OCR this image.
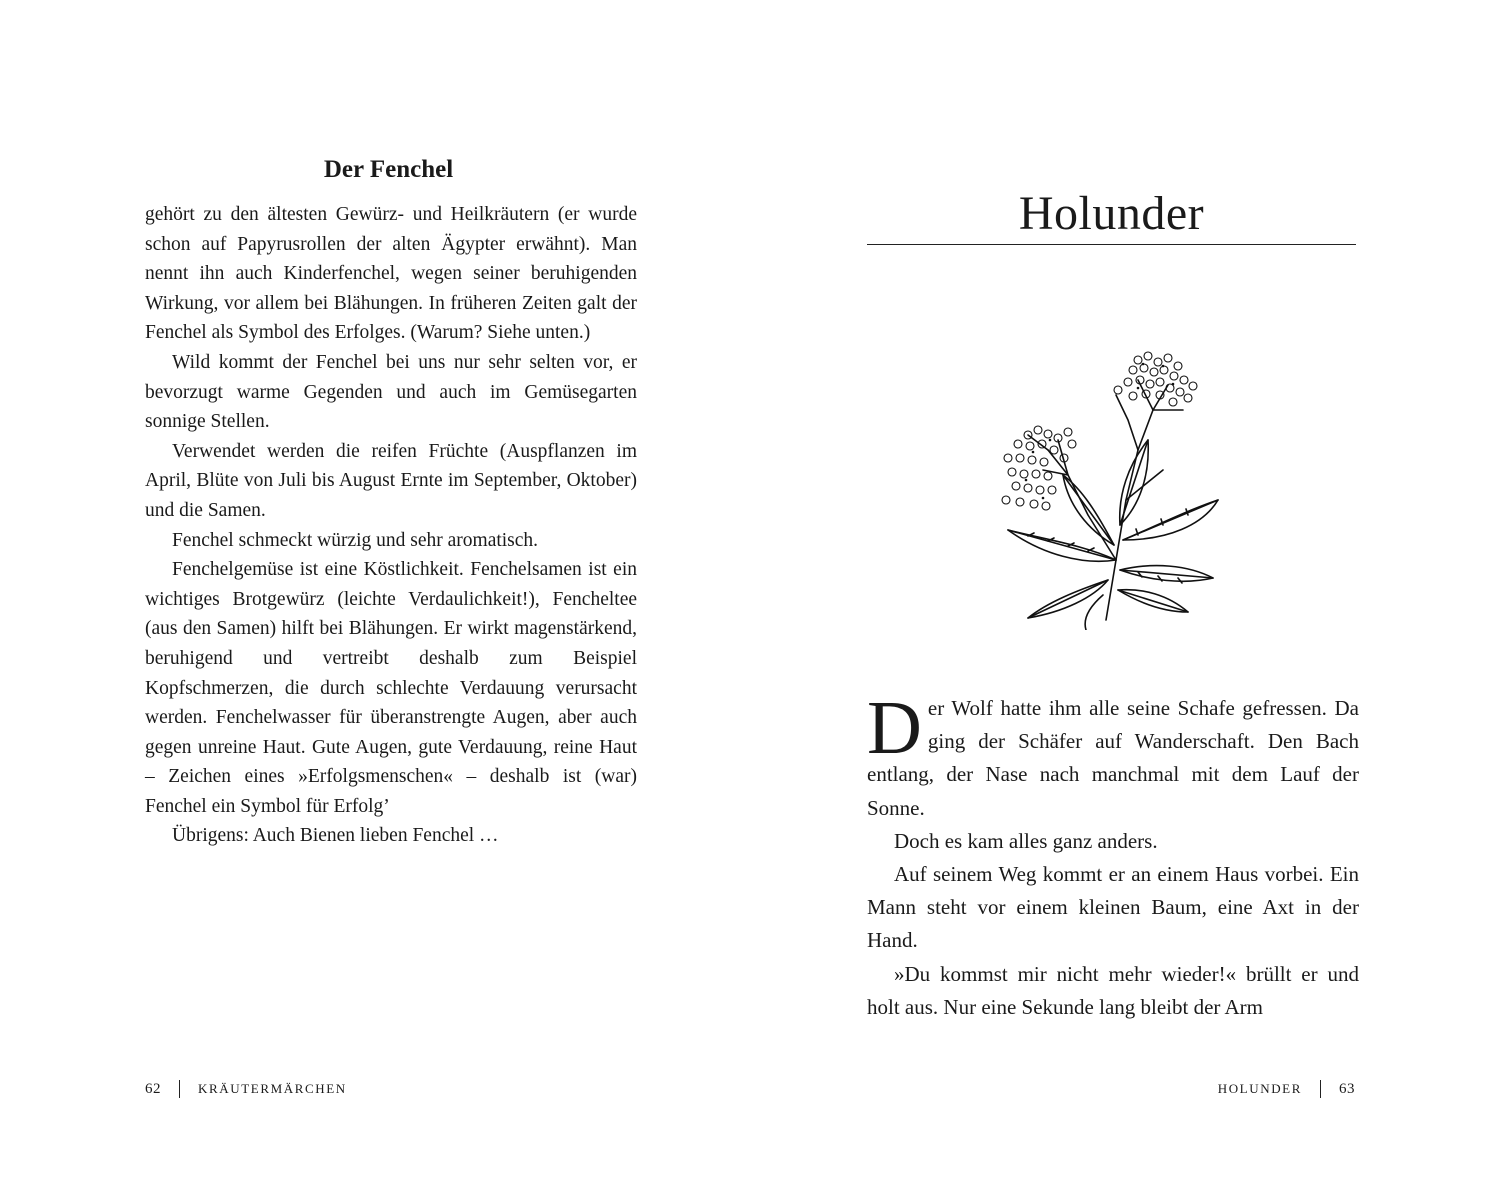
Der Fenchel

gehört zu den ältesten Gewürz- und Heilkräutern (er wurde schon auf Papyrusrollen der alten Ägypter erwähnt). Man nennt ihn auch Kinderfenchel, wegen seiner beruhigenden Wirkung, vor allem bei Blähungen. In früheren Zeiten galt der Fenchel als Symbol des Erfolges. (Warum? Siehe unten.)

Wild kommt der Fenchel bei uns nur sehr selten vor, er bevorzugt warme Gegenden und auch im Gemüsegarten sonnige Stellen.

Verwendet werden die reifen Früchte (Auspflanzen im April, Blüte von Juli bis August Ernte im September, Oktober) und die Samen.

Fenchel schmeckt würzig und sehr aromatisch.

Fenchelgemüse ist eine Köstlichkeit. Fenchelsamen ist ein wichtiges Brotgewürz (leichte Verdaulichkeit!), Fencheltee (aus den Samen) hilft bei Blähungen. Er wirkt magenstärkend, beruhigend und vertreibt deshalb zum Beispiel Kopfschmerzen, die durch schlechte Verdauung verursacht werden. Fenchelwasser für überanstrengte Augen, aber auch gegen unreine Haut. Gute Augen, gute Verdauung, reine Haut – Zeichen eines »Erfolgsmenschen« – deshalb ist (war) Fenchel ein Symbol für Erfolg’

Übrigens: Auch Bienen lieben Fenchel …

62	KRÄUTERMÄRCHEN
Holunder

Der Wolf hatte ihm alle seine Schafe gefressen. Da ging der Schäfer auf Wanderschaft. Den Bach entlang, der Nase nach manchmal mit dem Lauf der Sonne.

Doch es kam alles ganz anders.

Auf seinem Weg kommt er an einem Haus vorbei. Ein Mann steht vor einem kleinen Baum, eine Axt in der Hand.

»Du kommst mir nicht mehr wieder!« brüllt er und holt aus. Nur eine Sekunde lang bleibt der Arm

HOLUNDER 63
